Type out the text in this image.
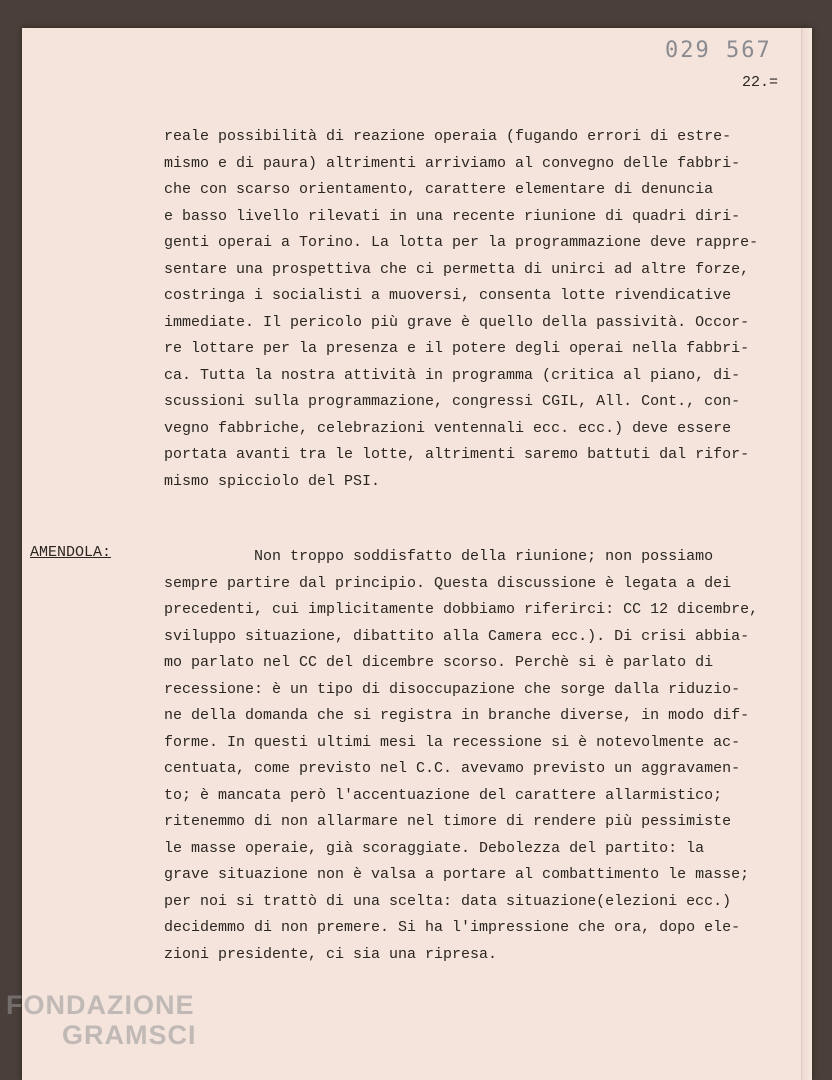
029 567
22.=
reale possibilità di reazione operaia (fugando errori di estre-
mismo e di paura) altrimenti arriviamo al convegno delle fabbri-
che con scarso orientamento, carattere elementare di denuncia
e basso livello rilevati in una recente riunione di quadri diri-
genti operai a Torino. La lotta per la programmazione deve rappre-
sentare una prospettiva che ci permetta di unirci ad altre forze,
costringa i socialisti a muoversi, consenta lotte rivendicative
immediate. Il pericolo più grave è quello della passività. Occor-
re lottare per la presenza e il potere degli operai nella fabbri-
ca. Tutta la nostra attività in programma (critica al piano, di-
scussioni sulla programmazione, congressi CGIL, All. Cont., con-
vegno fabbriche, celebrazioni ventennali ecc. ecc.) deve essere
portata avanti tra le lotte, altrimenti saremo battuti dal rifor-
mismo spicciolo del PSI.
AMENDOLA:	Non troppo soddisfatto della riunione; non possiamo
sempre partire dal principio. Questa discussione è legata a dei
precedenti, cui implicitamente dobbiamo riferirci: CC 12 dicembre,
sviluppo situazione, dibattito alla Camera ecc.). Di crisi abbia-
mo parlato nel CC del dicembre scorso. Perchè si è parlato di
recessione: è un tipo di disoccupazione che sorge dalla riduzio-
ne della domanda che si registra in branche diverse, in modo dif-
forme. In questi ultimi mesi la recessione si è notevolmente ac-
centuata, come previsto nel C.C. avevamo previsto un aggravamen-
to; è mancata però l'accentuazione del carattere allarmistico;
ritenemmo di non allarmare nel timore di rendere più pessimiste
le masse operaie, già scoraggiate. Debolezza del partito: la
grave situazione non è valsa a portare al combattimento le masse;
per noi si trattò di una scelta: data situazione(elezioni ecc.)
decidemmo di non premere. Si ha l'impressione che ora, dopo ele-
zioni presidente, ci sia una ripresa.
FONDAZIONE
GRAMSCI
